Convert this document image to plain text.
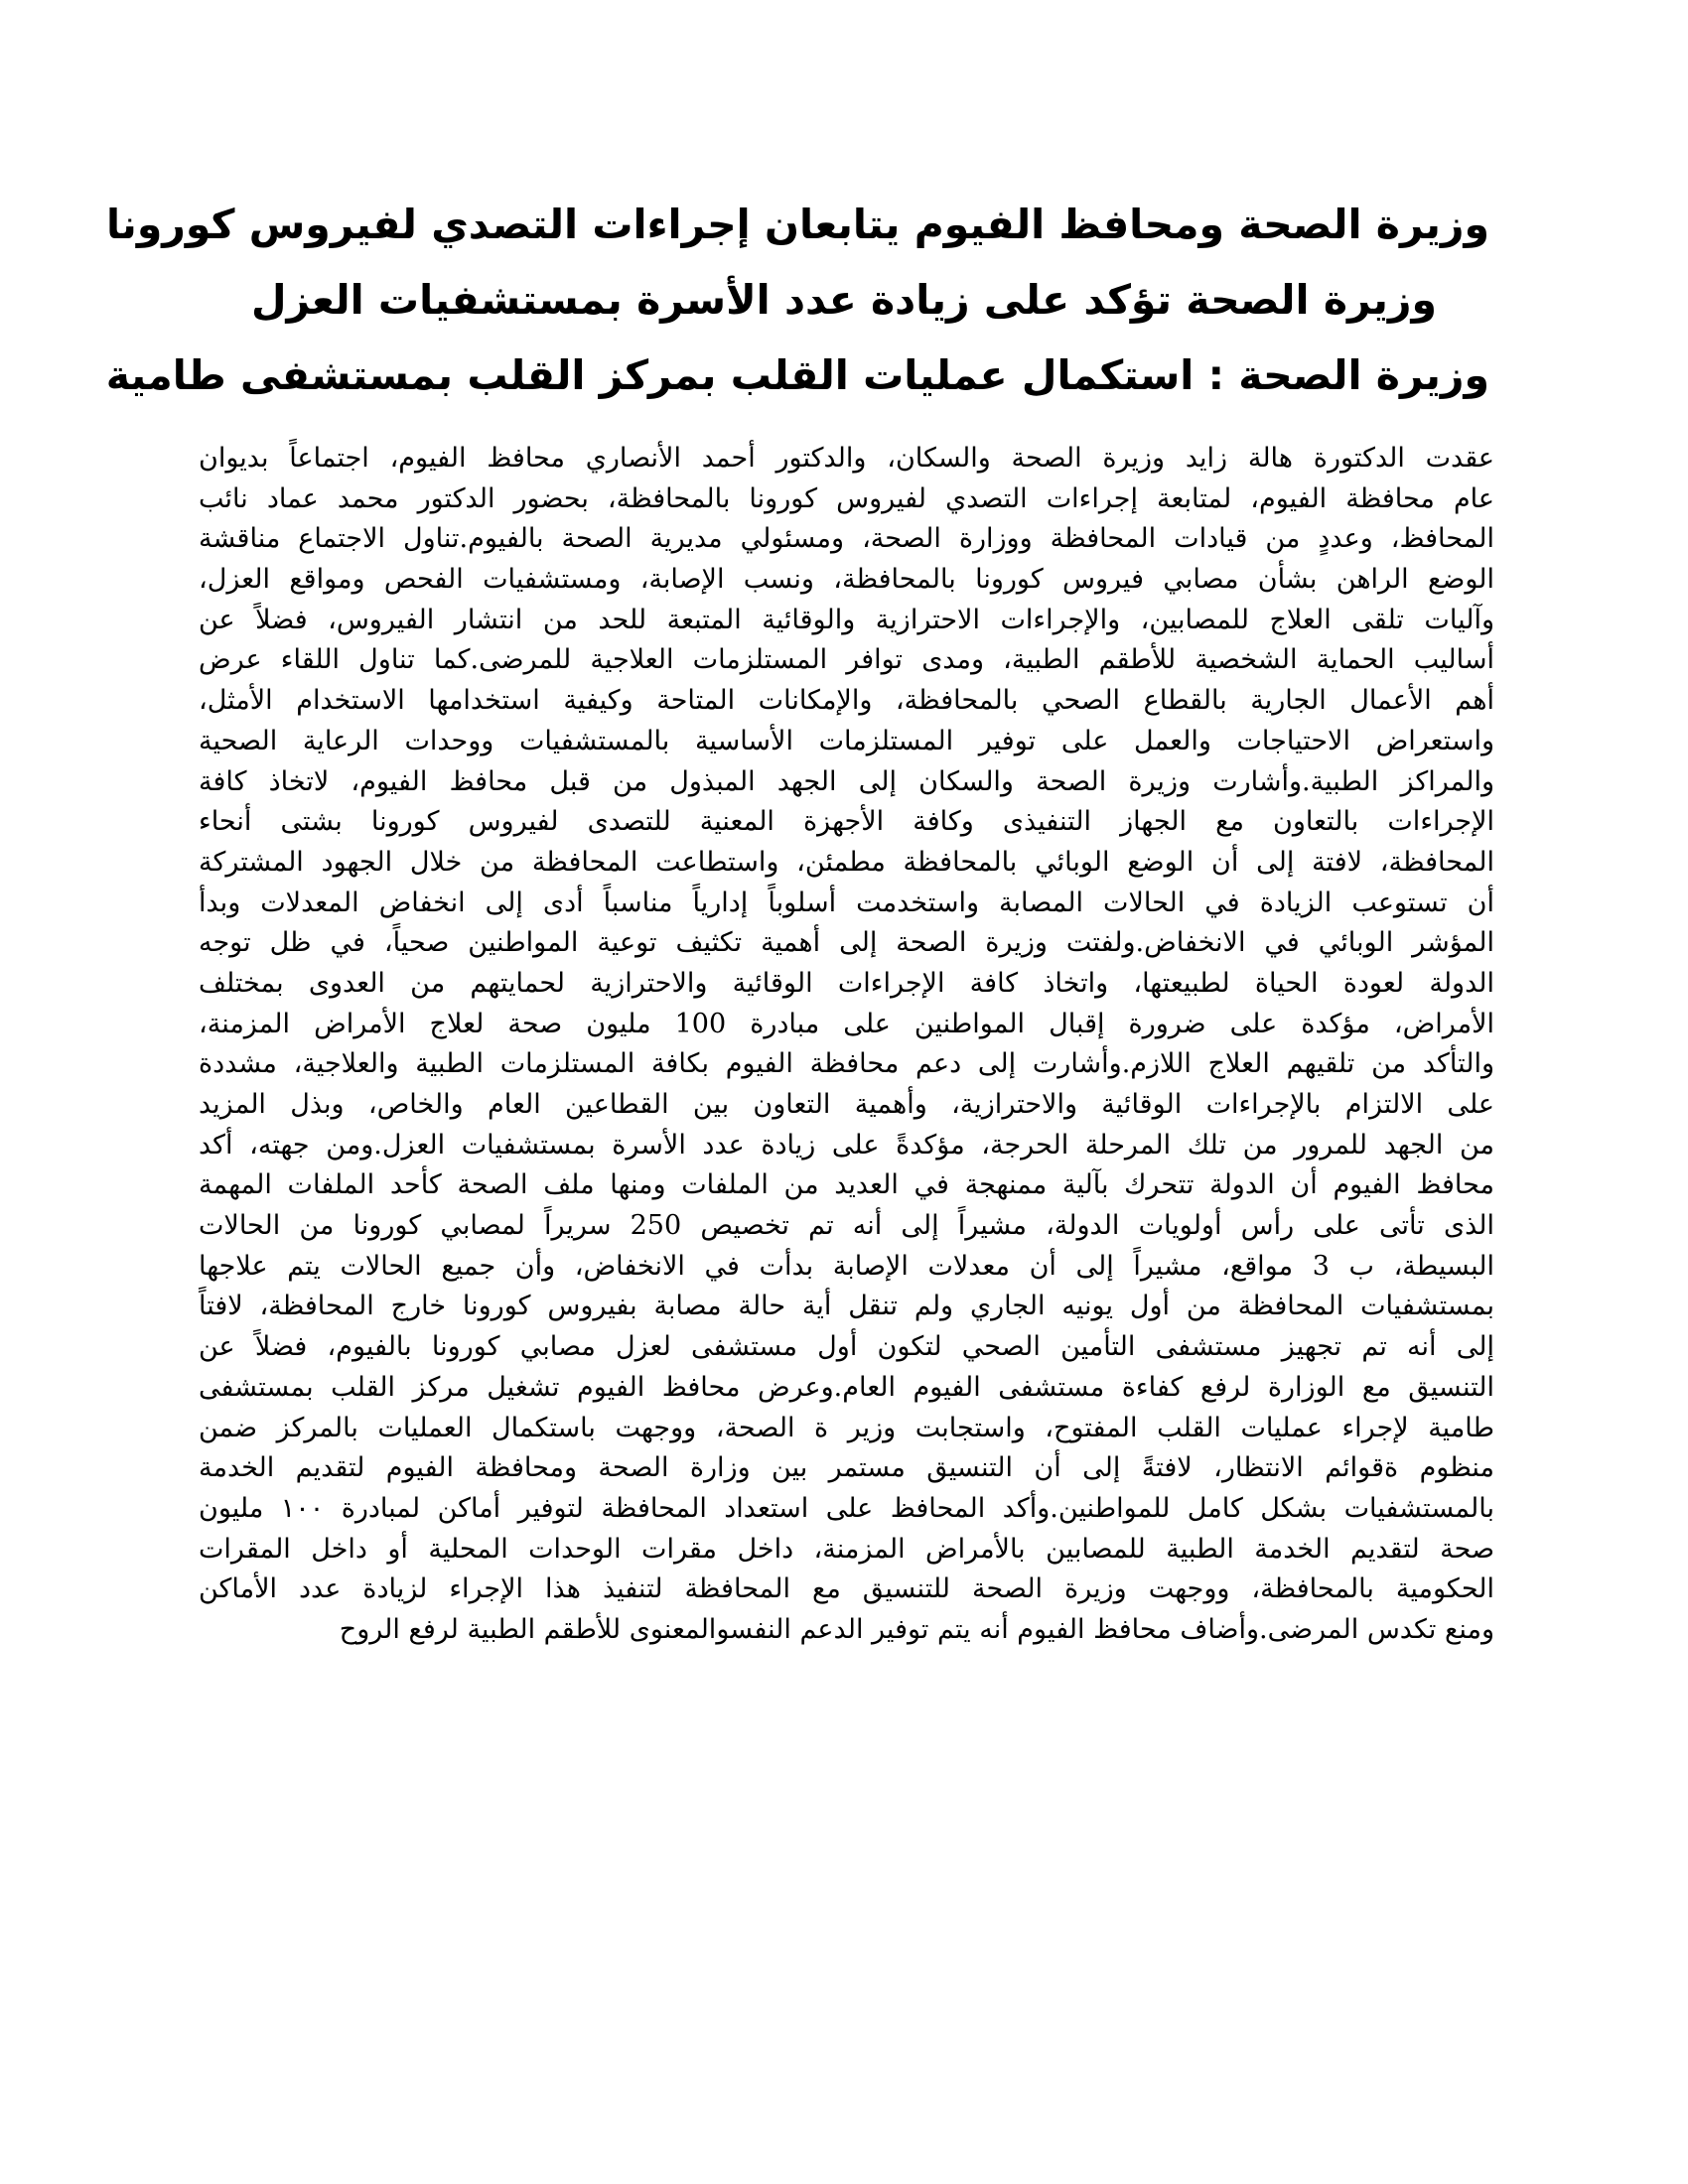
وزيرة الصحة ومحافظ الفيوم يتابعان إجراءات التصدي لفيروس كورونا
وزيرة الصحة تؤكد على زيادة عدد الأسرة بمستشفيات العزل
وزيرة الصحة : استكمال عمليات القلب بمركز القلب بمستشفى طامية
عقدت الدكتورة هالة زايد وزيرة الصحة والسكان، والدكتور أحمد الأنصاري محافظ الفيوم، اجتماعاً بديوان
عام محافظة الفيوم، لمتابعة إجراءات التصدي لفيروس كورونا بالمحافظة، بحضور الدكتور محمد عماد نائب
المحافظ، وعددٍ من قيادات المحافظة ووزارة الصحة، ومسئولي مديرية الصحة بالفيوم.تناول الاجتماع مناقشة
الوضع الراهن بشأن مصابي فيروس كورونا بالمحافظة، ونسب الإصابة، ومستشفيات الفحص ومواقع العزل،
وآليات تلقى العلاج للمصابين، والإجراءات الاحترازية والوقائية المتبعة للحد من انتشار الفيروس، فضلاً عن
أساليب الحماية الشخصية للأطقم الطبية، ومدى توافر المستلزمات العلاجية للمرضى.كما تناول اللقاء عرض
أهم الأعمال الجارية بالقطاع الصحي بالمحافظة، والإمكانات المتاحة وكيفية استخدامها الاستخدام الأمثل،
واستعراض الاحتياجات والعمل على توفير المستلزمات الأساسية بالمستشفيات ووحدات الرعاية الصحية
والمراكز الطبية.وأشارت وزيرة الصحة والسكان إلى الجهد المبذول من قبل محافظ الفيوم، لاتخاذ كافة
الإجراءات بالتعاون مع الجهاز التنفيذى وكافة الأجهزة المعنية للتصدى لفيروس كورونا بشتى أنحاء
المحافظة، لافتة إلى أن الوضع الوبائي بالمحافظة مطمئن، واستطاعت المحافظة من خلال الجهود المشتركة
أن تستوعب الزيادة في الحالات المصابة واستخدمت أسلوباً إدارياً مناسباً أدى إلى انخفاض المعدلات وبدأ
المؤشر الوبائي في الانخفاض.ولفتت وزيرة الصحة إلى أهمية تكثيف توعية المواطنين صحياً، في ظل توجه
الدولة لعودة الحياة لطبيعتها، واتخاذ كافة الإجراءات الوقائية والاحترازية لحمايتهم من العدوى بمختلف
الأمراض، مؤكدة على ضرورة إقبال المواطنين على مبادرة 100 مليون صحة لعلاج الأمراض المزمنة،
والتأكد من تلقيهم العلاج اللازم.وأشارت إلى دعم محافظة الفيوم بكافة المستلزمات الطبية والعلاجية، مشددة
على الالتزام بالإجراءات الوقائية والاحترازية، وأهمية التعاون بين القطاعين العام والخاص، وبذل المزيد
من الجهد للمرور من تلك المرحلة الحرجة، مؤكدةً على زيادة عدد الأسرة بمستشفيات العزل.ومن جهته، أكد
محافظ الفيوم أن الدولة تتحرك بآلية ممنهجة في العديد من الملفات ومنها ملف الصحة كأحد الملفات المهمة
الذى تأتى على رأس أولويات الدولة، مشيراً إلى أنه تم تخصيص 250 سريراً لمصابي كورونا من الحالات
البسيطة، ب 3 مواقع، مشيراً إلى أن معدلات الإصابة بدأت في الانخفاض، وأن جميع الحالات يتم علاجها
بمستشفيات المحافظة من أول يونيه الجاري ولم تنقل أية حالة مصابة بفيروس كورونا خارج المحافظة، لافتاً
إلى أنه تم تجهيز مستشفى التأمين الصحي لتكون أول مستشفى لعزل مصابي كورونا بالفيوم، فضلاً عن
التنسيق مع الوزارة لرفع كفاءة مستشفى الفيوم العام.وعرض محافظ الفيوم تشغيل مركز القلب بمستشفى
طامية لإجراء عمليات القلب المفتوح، واستجابت وزير ة الصحة، ووجهت باستكمال العمليات بالمركز ضمن
منظوم ةقوائم الانتظار، لافتةً إلى أن التنسيق مستمر بين وزارة الصحة ومحافظة الفيوم لتقديم الخدمة
بالمستشفيات بشكل كامل للمواطنين.وأكد المحافظ على استعداد المحافظة لتوفير أماكن لمبادرة ١٠٠ مليون
صحة لتقديم الخدمة الطبية للمصابين بالأمراض المزمنة، داخل مقرات الوحدات المحلية أو داخل المقرات
الحكومية بالمحافظة، ووجهت وزيرة الصحة للتنسيق مع المحافظة لتنفيذ هذا الإجراء لزيادة عدد الأماكن
ومنع تكدس المرضى.وأضاف محافظ الفيوم أنه يتم توفير الدعم النفسوالمعنوى للأطقم الطبية لرفع الروح
